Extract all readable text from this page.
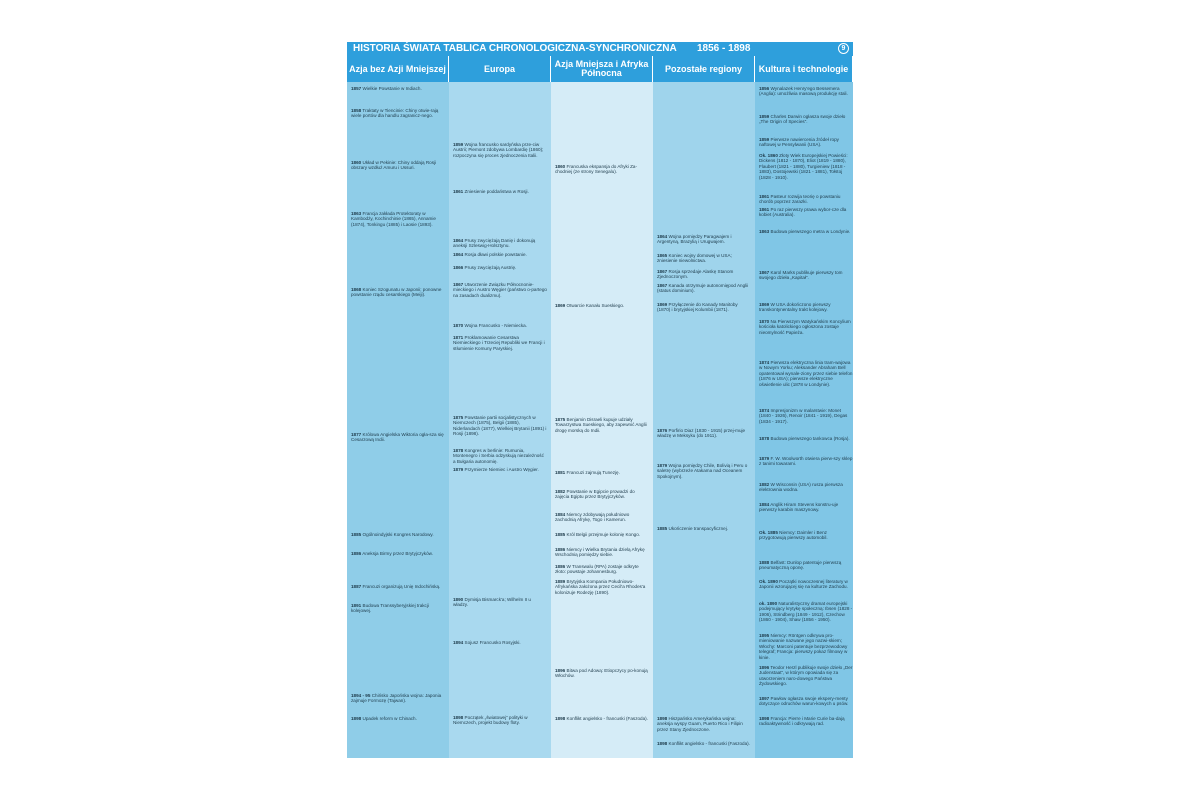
HISTORIA ŚWIATA TABLICA CHRONOLOGICZNA-SYNCHRONICZNA 1856 - 1898	9
Azja bez Azji Mniejszej
1857 Wielkie Powstanie w Indiach.
1858 Traktaty w Tiencinie: Chiny otwie-rają wiele portów dla handlu zagranicz-nego.
1860 Układ w Pekinie: Chiny oddają Rosji obszary wzdłuż Amuru i Ussuri.
1863 Francja zakłada Protektoraty w Kambodży, Kochinchinie (1865), Annamie (1874), Tonkingu (1885) i Laosie (1893).
1868 Koniec Szogunatu w Japonii; ponowne powstanie rządu cesarskiego (Meiji).
1877 Królowa Angielska Wiktoria ogła-sza się Cesarzową Indii.
1885 Ogólnoindyjski Kongres Narodowy.
1886 Aneksja Birmy przez Brytyjczyków.
1887 Francuzi organizują Unię Indochińską.
1891 Budowa Transsyberyjskiej trakcji kolejowej.
1894 - 95 Chińsko Japońska wojna: Japonia zajmuje Formozę (Tajwan).
1898 Upadek reform w Chinach.
Europa
1859 Wojna francusko sardyńska prze-ciw Austrii; Piemont zdobywa Lombardię (1860); rozpoczyna się proces zjednoczenia Italii.
1861 Zniesienie poddaństwa w Rosji.
1864 Prusy zwyciężają Danię i dokonują aneksji Szleswig-Holsztynu.
1864 Rosja dławi polskie powstanie.
1866 Prusy zwyciężają Austrię.
1867 Utworzenie Związku Północnonie-mieckiego i Austro Węgier (państwo o-partego na zasadach dualizmu).
1870 Wojna Francusko - Niemiecka.
1871 Proklamowanie Cesarstwa Niemieckiego i Trzeciej Republiki we Francji i stłumienie Komuny Paryskiej.
1875 Powstanie partii socjalistycznych w Niemczech (1875), Belgii (1885), Niderlandach (1877), Wielkiej Brytanii (1891) i Rosji (1898).
1878 Kongres w berlinie: Rumunia, Montenegro i Serbia odzyskują niezależność a Bułgaria autonomię.
1879 Przymierze Niemiec i Austro Węgier.
1890 Dymisja Bismarck'a; Wilhelm II u władzy.
1894 Sojusz Francusko Rosyjski.
1898 Początek „światowej” polityki w Niemczech, projekt budowy floty.
Azja Mniejsza i Afryka Północna
1860 Francuska ekspansja do Afryki Za-chodniej (ze strony Senegalu).
1869 Otwarcie Kanału Sueskiego.
1875 Benjamin Disraeli kupuje udziały Towarzystwa Sueskiego, aby zapewnić Anglii drogę morską do Indii.
1881 Francuzi zajmują Tunezję.
1882 Powstanie w Egipcie prowadzi do zajęcia Egiptu przez Brytyjczyków.
1884 Niemcy zdobywają południowo zachodnią Afrykę, Togo i Kamerun.
1885 Król Belgii przejmuje kolonię Kongo.
1886 Niemcy i Wielka Brytania dzielą Afrykę Wschodnią pomiędzy siebie.
1886 W Transwalu (RPA) zostaje odkryte złoto: powstaje Johannesburg.
1889 Brytyjska Kompania Południowo-Afrykańska założona przez Cecil'a Rhodes'a kolonizuje Rodezję (1890).
1896 Bitwa pod Adową: Etiopczycy po-konują Włochów.
1898 Konflikt angielsko - francuski (Faszoda).
Pozostałe regiony
1864 Wojna pomiędzy Paragwajem i Argentyną, Brazylią i Urugwajem.
1865 Koniec wojny domowej w USA; zniesienie niewolnictwa.
1867 Rosja sprzedaje Alaskę Stanom Zjednoczonym.
1867 Kanada otrzymuje autonomiępod Anglii (status dominium).
1869 Przyłączenie do Kanady Manitoby (1870) i brytyjskiej Kolumbii (1871).
1876 Porfirio Diaz (1830 - 1915) przej-muje władzę w Meksyku (do 1911).
1879 Wojna pomiędzy Chile, Bolivią i Peru o saletrę (wybrzeże Atakama nad Oceanem Spokojnym).
1885 Ukończenie transpacyficznej.
1898 Hiszpańsko Amerykańska wojna: aneksja wyspy Guam, Puerto Rico i Filipin przez Stany Zjednoczone.
1898 Konflikt angielsko - francuski (Faszoda).
Kultura i technologie
1856 Wynalazek Henry'ego Bessemera (Anglia): umożliwia masową produkcję stali.
1859 Charles Darwin ogłasza swoje dzieło „The Origin of Species”.
1859 Pierwsze nawiercenia źródeł ropy naftowej w Pensylwanii (USA).
Ok. 1860 Złoty Wiek Europejskiej Powieści: Dickens (1812 - 1870), Eliot (1819 - 1880), Flaubert (1821 - 1880), Turgieniew (1818 - 1883), Dostojewski (1821 - 1881), Tołstoj (1828 - 1910).
1861 Pasteur rozwija teorię o powstaniu chorób poprzez zarazki.
1861 Po raz pierwszy prawa wybor-cze dla kobiet (Australia).
1863 Budowa pierwszego metra w Londynie.
1867 Karol Marks publikuje pierwszy tom swojego dzieła „Kapitał”.
1869 W USA dokończono pierwszy transkontynentalny trakt kolejowy.
1870 Na Pierwszym Watykańskim Koncylium kościoła katolickiego ogłoszona zostaje nieomylność Papieża.
1874 Pierwsza elektryczna linia tram-wajowa w Nowym Yorku; Aleksander Abraham Bell opatentował wynale-ziony przez siebie telefon (1876 w USA); pierwsze elektryczne oświetlenie ulic (1878 w Londynie).
1874 Impresjonizm w malarstwie: Monet (1840 - 1926), Renoir (1841 - 1919), Degas (1834 - 1917).
1878 Budowa pierwszego tankowca (Rosja).
1879 F. W. Woolworth otwiera pierw-szy sklep z tanimi towarami.
1882 W Wisconsin (USA) rusza pierwsza elektrownia wodna.
1884 Anglik Hiram Stevens konstru-uje pierwszy karabin maszynowy.
Ok. 1885 Niemcy: Daimler i Benz przygotowują pierwszy automobil.
1888 Belfast: Dunlop patentuje pierwszą pneumatyczną oponę.
Ok. 1890 Początki nowoczesnej literatury w Japonii wzorującej się na kulturze Zachodu.
ok. 1890 Naturalistyczny dramat europejski podejmujący krytykę społeczną: Ibsen (1828 - 1906), Strindberg (1849 - 1912), Czechow (1860 - 1904), Shaw (1856 - 1950).
1895 Niemcy: Röntgen odkrywa pro-mieniowanie nazwane jego nazwi-skiem; Włochy: Marconi patentuje bezprzewodowy telegraf; Francja: pierwszy pokaz filmowy w kinie.
1896 Teodor Herzl publikuje swoje dzieło „Der Judenstaat”, w którym opowiada się za utworzeniem naro-dowego Państwa Żydowskiego.
1897 Pawłow ogłasza swoje ekspery-menty dotyczące odruchów warun-kowych u psów.
1898 Francja: Pierre i Marie Curie ba-dają radioaktywność i odkrywają rad.
